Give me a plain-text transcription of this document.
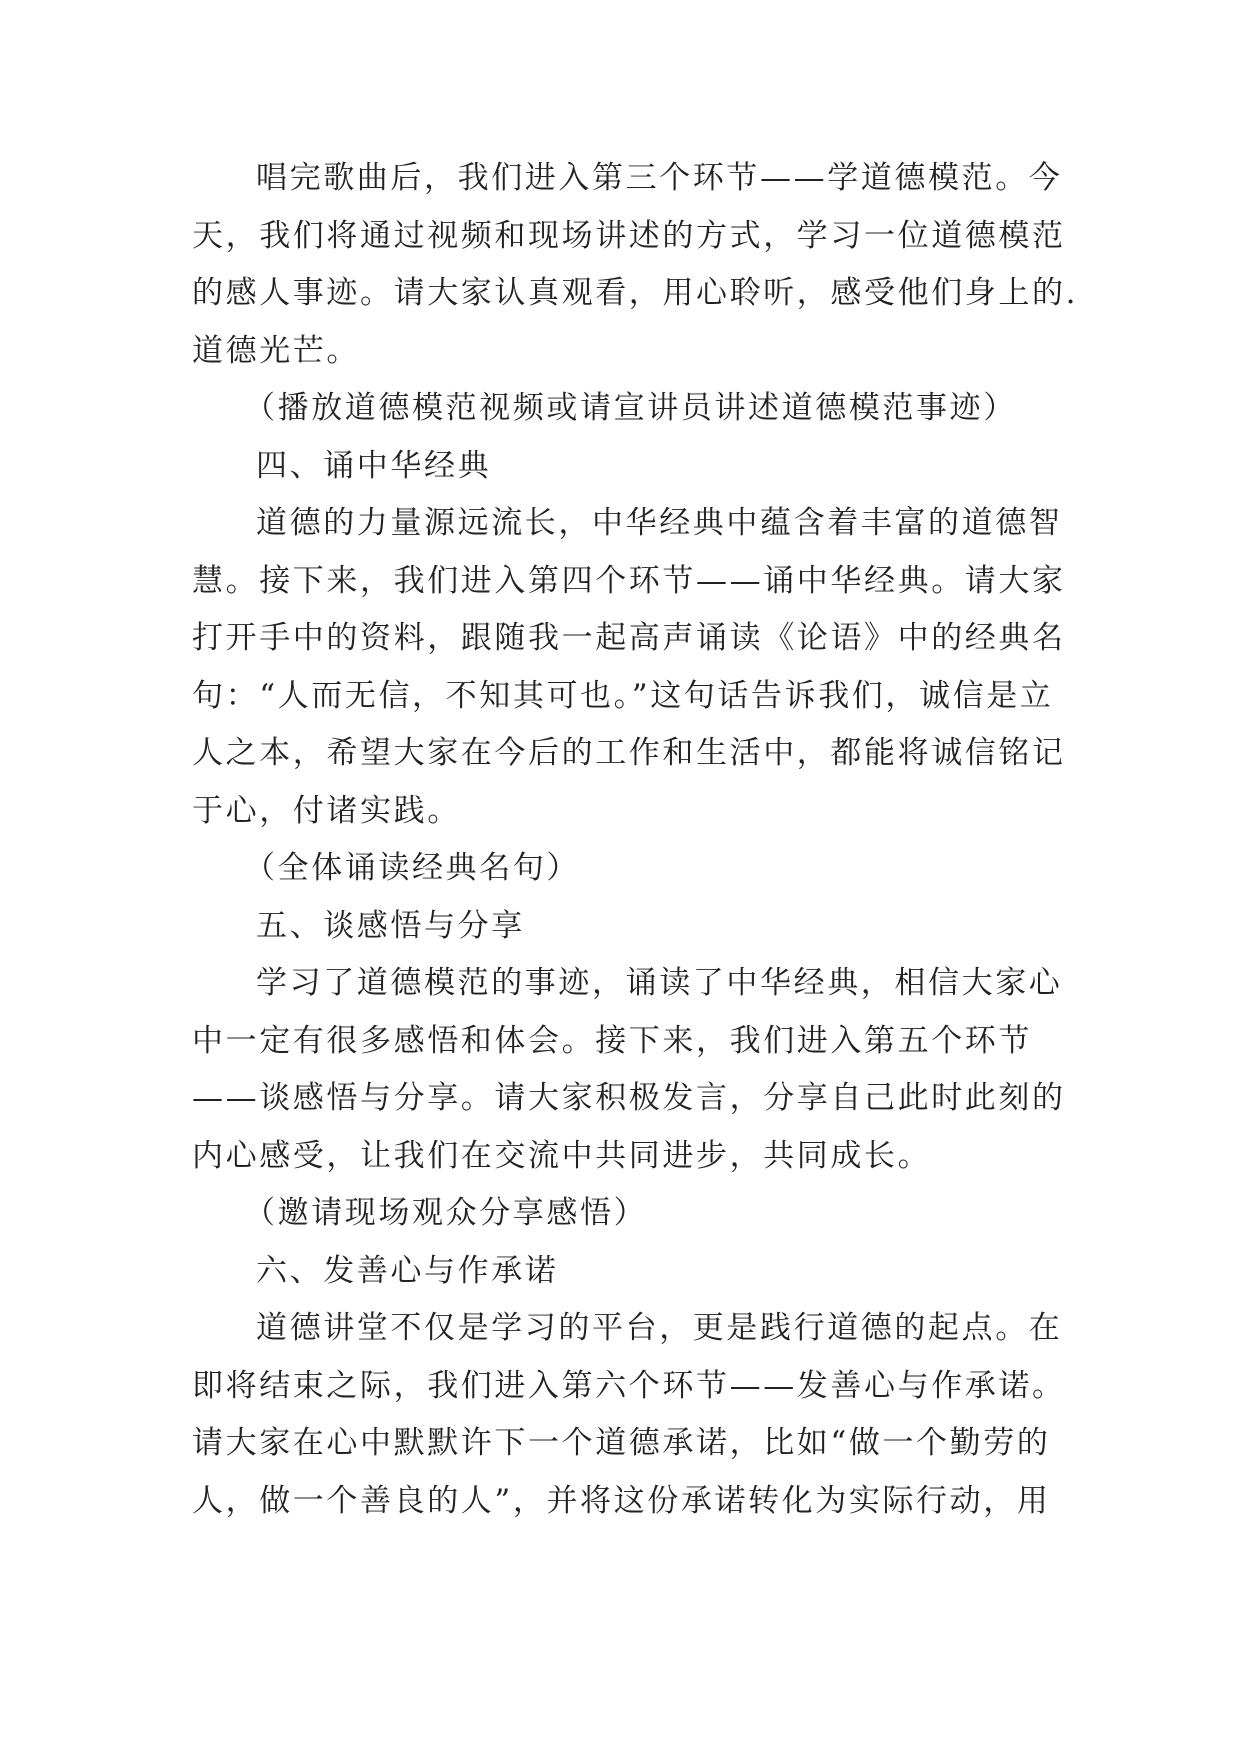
唱完歌曲后，我们进入第三个环节——学道德模范。今
天，我们将通过视频和现场讲述的方式，学习一位道德模范
的感人事迹。请大家认真观看，用心聆听，感受他们身上的.
道德光芒。
（播放道德模范视频或请宣讲员讲述道德模范事迹）
四、诵中华经典
道德的力量源远流长，中华经典中蕴含着丰富的道德智
慧。接下来，我们进入第四个环节——诵中华经典。请大家
打开手中的资料，跟随我一起高声诵读《论语》中的经典名
句：“人而无信，不知其可也。”这句话告诉我们，诚信是立
人之本，希望大家在今后的工作和生活中，都能将诚信铭记
于心，付诸实践。
（全体诵读经典名句）
五、谈感悟与分享
学习了道德模范的事迹，诵读了中华经典，相信大家心
中一定有很多感悟和体会。接下来，我们进入第五个环节
——谈感悟与分享。请大家积极发言，分享自己此时此刻的
内心感受，让我们在交流中共同进步，共同成长。
（邀请现场观众分享感悟）
六、发善心与作承诺
道德讲堂不仅是学习的平台，更是践行道德的起点。在
即将结束之际，我们进入第六个环节——发善心与作承诺。
请大家在心中默默许下一个道德承诺，比如“做一个勤劳的
人，做一个善良的人”，并将这份承诺转化为实际行动，用
